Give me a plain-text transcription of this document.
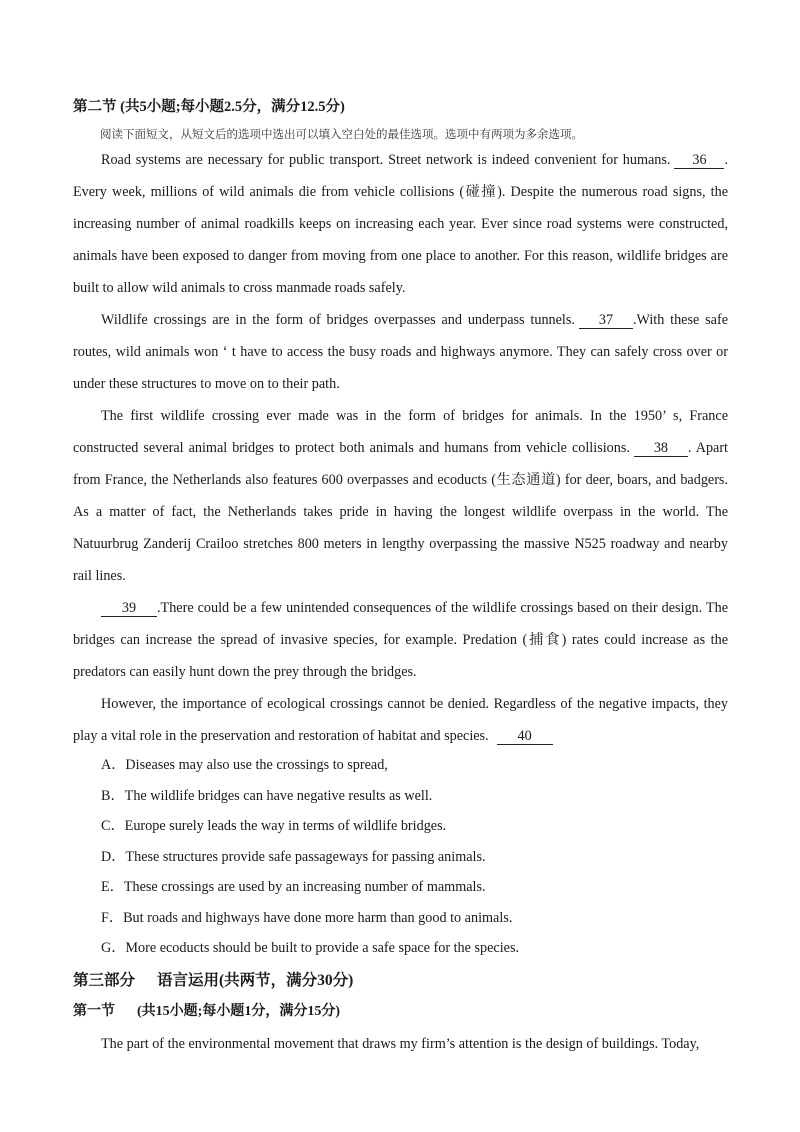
第二节 (共5小题;每小题2.5分，满分12.5分)

阅读下面短文，从短文后的选项中选出可以填入空白处的最佳选项。选项中有两项为多余选项。

Road systems are necessary for public transport. Street network is indeed convenient for humans. 36 . Every week, millions of wild animals die from vehicle collisions (碰撞). Despite the numerous road signs, the increasing number of animal roadkills keeps on increasing each year. Ever since road systems were constructed, animals have been exposed to danger from moving from one place to another. For this reason, wildlife bridges are built to allow wild animals to cross manmade roads safely.

Wildlife crossings are in the form of bridges overpasses and underpass tunnels. 37 .With these safe routes, wild animals won ‘ t have to access the busy roads and highways anymore. They can safely cross over or under these structures to move on to their path.

The first wildlife crossing ever made was in the form of bridges for animals. In the 1950’ s, France constructed several animal bridges to protect both animals and humans from vehicle collisions. 38 . Apart from France, the Netherlands also features 600 overpasses and ecoducts (生态通道) for deer, boars, and badgers. As a matter of fact, the Netherlands takes pride in having the longest wildlife overpass in the world. The Natuurbrug Zanderij Crailoo stretches 800 meters in lengthy overpassing the massive N525 roadway and nearby rail lines.

39 .There could be a few unintended consequences of the wildlife crossings based on their design. The bridges can increase the spread of invasive species, for example. Predation (捕食) rates could increase as the predators can easily hunt down the prey through the bridges.

However, the importance of ecological crossings cannot be denied. Regardless of the negative impacts, they play a vital role in the preservation and restoration of habitat and species. 40

A．Diseases may also use the crossings to spread,

B．The wildlife bridges can have negative results as well.

C．Europe surely leads the way in terms of wildlife bridges.

D．These structures provide safe passageways for passing animals.

E．These crossings are used by an increasing number of mammals.

F．But roads and highways have done more harm than good to animals.

G．More ecoducts should be built to provide a safe space for the species.

第三部分 语言运用(共两节，满分30分)

第一节 (共15小题;每小题1分，满分15分)

The part of the environmental movement that draws my firm’s attention is the design of buildings. Today,
